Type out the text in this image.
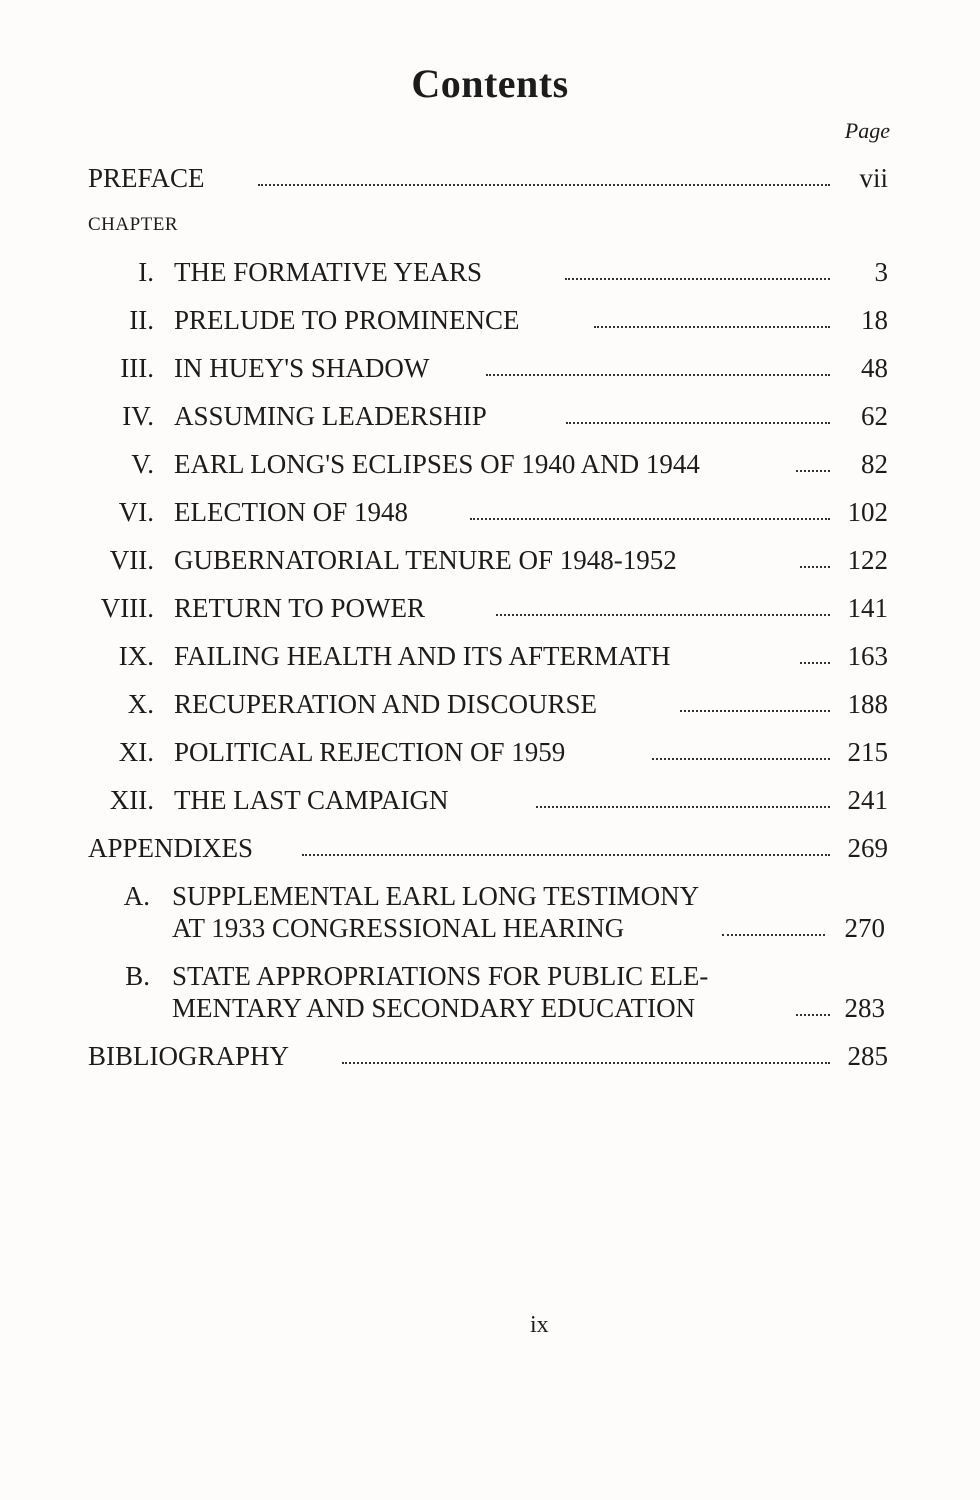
Contents
Page
PREFACE	vii
CHAPTER
I. THE FORMATIVE YEARS	3
II. PRELUDE TO PROMINENCE	18
III. IN HUEY'S SHADOW	48
IV. ASSUMING LEADERSHIP	62
V. EARL LONG'S ECLIPSES OF 1940 AND 1944	82
VI. ELECTION OF 1948	102
VII. GUBERNATORIAL TENURE OF 1948-1952	122
VIII. RETURN TO POWER	141
IX. FAILING HEALTH AND ITS AFTERMATH	163
X. RECUPERATION AND DISCOURSE	188
XI. POLITICAL REJECTION OF 1959	215
XII. THE LAST CAMPAIGN	241
APPENDIXES	269
A. SUPPLEMENTAL EARL LONG TESTIMONY
AT 1933 CONGRESSIONAL HEARING	270
B. STATE APPROPRIATIONS FOR PUBLIC ELE-
MENTARY AND SECONDARY EDUCATION	283
BIBLIOGRAPHY	285
ix
